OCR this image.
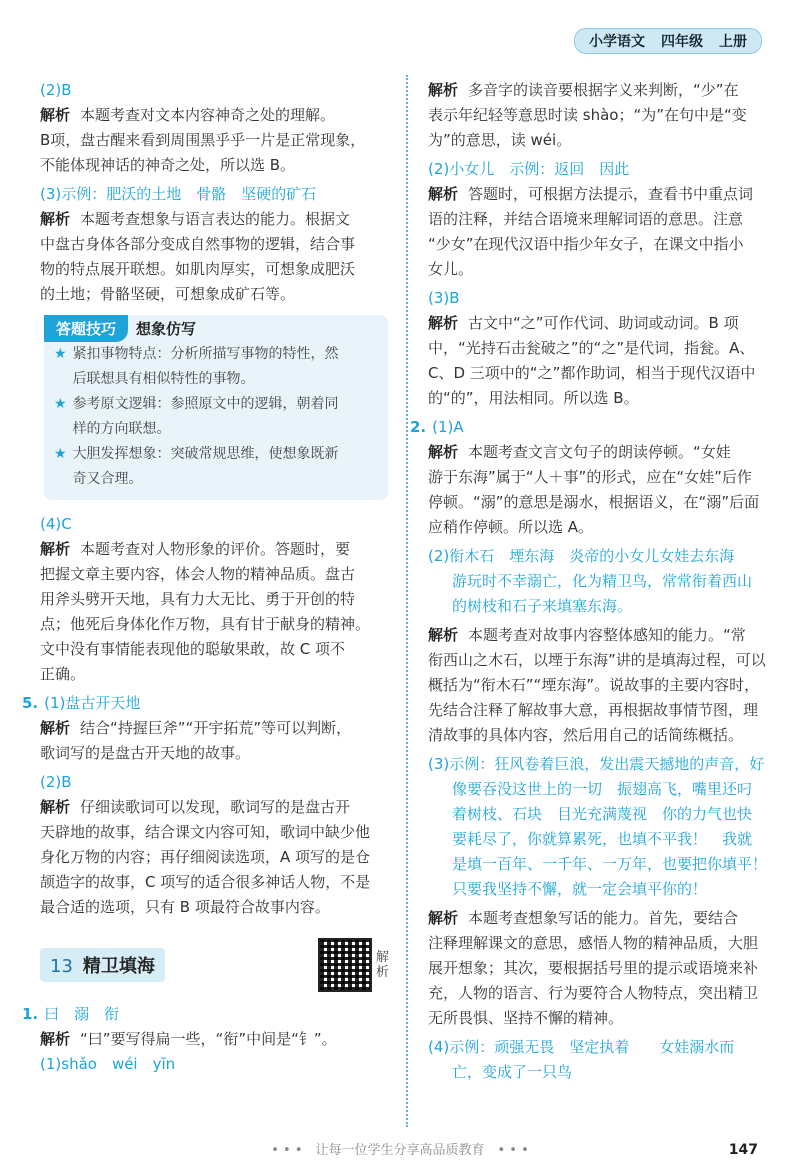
小学语文 四年级 上册

(2)B

解析 本题考查对文本内容神奇之处的理解。

B项，盘古醒来看到周围黑乎乎一片是正常现象，

不能体现神话的神奇之处，所以选 B。

(3)示例：肥沃的土地　骨骼　坚硬的矿石

解析 本题考查想象与语言表达的能力。根据文

中盘古身体各部分变成自然事物的逻辑，结合事

物的特点展开联想。如肌肉厚实，可想象成肥沃

的土地；骨骼坚硬，可想象成矿石等。

答题技巧	想象仿写
★ 紧扣事物特点：分析所描写事物的特性，然
后联想具有相似特性的事物。
★ 参考原文逻辑：参照原文中的逻辑，朝着同
样的方向联想。
★ 大胆发挥想象：突破常规思维，使想象既新
奇又合理。

(4)C

解析 本题考查对人物形象的评价。答题时，要

把握文章主要内容，体会人物的精神品质。盘古

用斧头劈开天地，具有力大无比、勇于开创的特

点；他死后身体化作万物，具有甘于献身的精神。

文中没有事情能表现他的聪敏果敢，故 C 项不

正确。

5. (1)盘古开天地

解析 结合“持握巨斧”“开宇拓荒”等可以判断，

歌词写的是盘古开天地的故事。

(2)B

解析 仔细读歌词可以发现，歌词写的是盘古开

天辟地的故事，结合课文内容可知，歌词中缺少他

身化万物的内容；再仔细阅读选项，A 项写的是仓

颉造字的故事，C 项写的适合很多神话人物，不是

最合适的选项，只有 B 项最符合故事内容。

13 精卫填海	解析

1. 曰　溺　衔

解析 “曰”要写得扁一些，“衔”中间是“钅”。

(1)shǎo　wéi　yīn

解析 多音字的读音要根据字义来判断，“少”在

表示年纪轻等意思时读 shào；“为”在句中是“变

为”的意思，读 wéi。

(2)小女儿　示例：返回　因此

解析 答题时，可根据方法提示，查看书中重点词

语的注释，并结合语境来理解词语的意思。注意

“少女”在现代汉语中指少年女子，在课文中指小

女儿。

(3)B

解析 古文中“之”可作代词、助词或动词。B 项

中，“光持石击瓮破之”的“之”是代词，指瓮。A、

C、D 三项中的“之”都作助词，相当于现代汉语中

的“的”，用法相同。所以选 B。

2. (1)A

解析 本题考查文言文句子的朗读停顿。“女娃

游于东海”属于“人＋事”的形式，应在“女娃”后作

停顿。“溺”的意思是溺水，根据语义，在“溺”后面

应稍作停顿。所以选 A。

(2)衔木石　堙东海　炎帝的小女儿女娃去东海

游玩时不幸溺亡，化为精卫鸟，常常衔着西山

的树枝和石子来填塞东海。

解析 本题考查对故事内容整体感知的能力。“常

衔西山之木石，以堙于东海”讲的是填海过程，可以

概括为“衔木石”“堙东海”。说故事的主要内容时，

先结合注释了解故事大意，再根据故事情节图，理

清故事的具体内容，然后用自己的话简练概括。

(3)示例：狂风卷着巨浪，发出震天撼地的声音，好

像要吞没这世上的一切　振翅高飞，嘴里还叼

着树枝、石块　目光充满蔑视　你的力气也快

要耗尽了，你就算累死，也填不平我！　我就

是填一百年、一千年、一万年，也要把你填平！

只要我坚持不懈，就一定会填平你的！

解析 本题考查想象写话的能力。首先，要结合

注释理解课文的意思，感悟人物的精神品质，大胆

展开想象；其次，要根据括号里的提示或语境来补

充，人物的语言、行为要符合人物特点，突出精卫

无所畏惧、坚持不懈的精神。

(4)示例：顽强无畏　坚定执着　　女娃溺水而

亡，变成了一只鸟

• • •　让每一位学生分享高品质教育　• • •	147
